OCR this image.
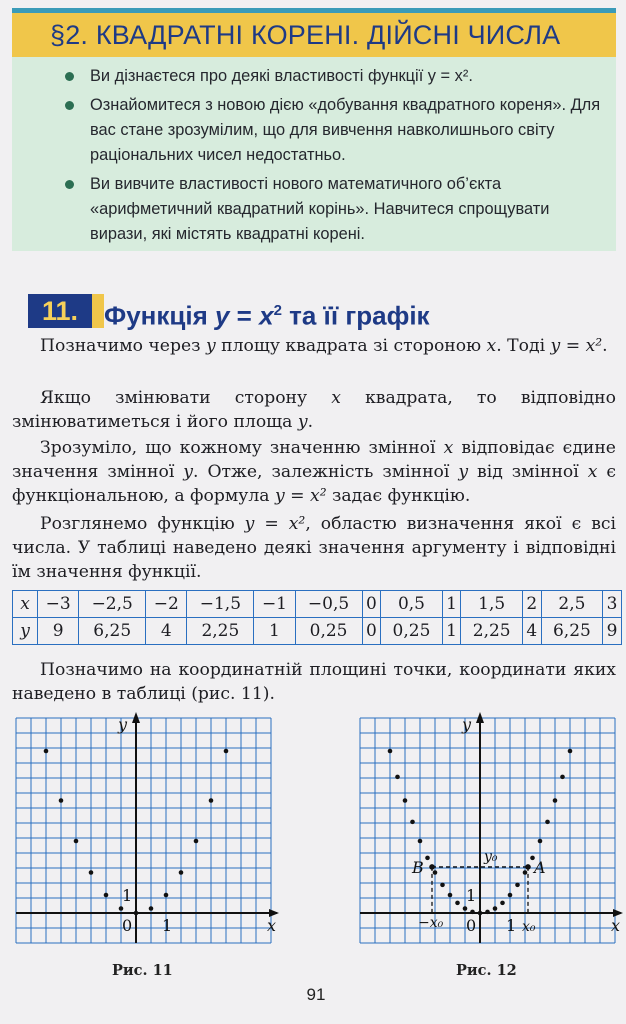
§2. КВАДРАТНІ КОРЕНІ. ДІЙСНІ ЧИСЛА
Ви дізнаєтеся про деякі властивості функції y = x².
Ознайомитеся з новою дією «добування квадратного кореня». Для вас стане зрозумілим, що для вивчення навколишнього світу раціональних чисел недостатньо.
Ви вивчите властивості нового математичного об’єкта «арифметичний квадратний корінь». Навчитеся спрощувати вирази, які містять квадратні корені.
11. Функція $y = x^2$ та її графік

Позначимо через y площу квадрата зі стороною x. Тоді y = x².

Якщо змінювати сторону x квадрата, то відповідно змінюватиметься і його площа y.

Зрозуміло, що кожному значенню змінної x відповідає єдине значення змінної y. Отже, залежність змінної y від змінної x є функціональною, а формула y = x² задає функцію.

Розглянемо функцію y = x², областю визначення якої є всі числа. У таблиці наведено деякі значення аргументу і відповідні їм значення функції.

x	−3	−2,5	−2	−1,5	−1	−0,5	0	0,5	1	1,5	2	2,5	3
y	9	6,25	4	2,25	1	0,25	0	0,25	1	2,25	4	6,25	9

Позначимо на координатній площині точки, координати яких наведено в таблиці (рис. 11).

x
y
0 1
1
Рис. 11
x
y
0 1
1
A
B
y₀
x₀
−x₀
Рис. 12
91
